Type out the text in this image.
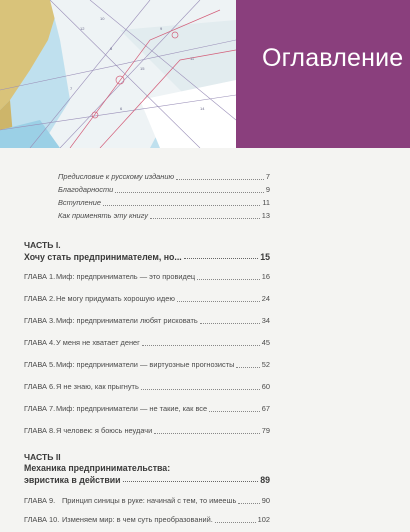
12
8
15
9
11
7
6	14
10
Оглавление
Предисловие к русскому изданию	7
Благодарности	9
Вступление	11
Как применять эту книгу	13
ЧАСТЬ I.
Хочу стать предпринимателем, но...	15
ГЛАВА 1. Миф: предприниматель — это провидец	16
ГЛАВА 2. Не могу придумать хорошую идею	24
ГЛАВА 3. Миф: предприниматели любят рисковать	34
ГЛАВА 4. У меня не хватает денег	45
ГЛАВА 5. Миф: предприниматели — виртуозные прогнозисты	52
ГЛАВА 6. Я не знаю, как прыгнуть	60
ГЛАВА 7. Миф: предприниматели — не такие, как все	67
ГЛАВА 8. Я человек: я боюсь неудачи	79
ЧАСТЬ II
Механика предпринимательства:
эвристика в действии	89
ГЛАВА 9. Принцип синицы в руке: начинай с тем, то имеешь	90
ГЛАВА 10. Изменяем мир: в чем суть преобразований.	102
